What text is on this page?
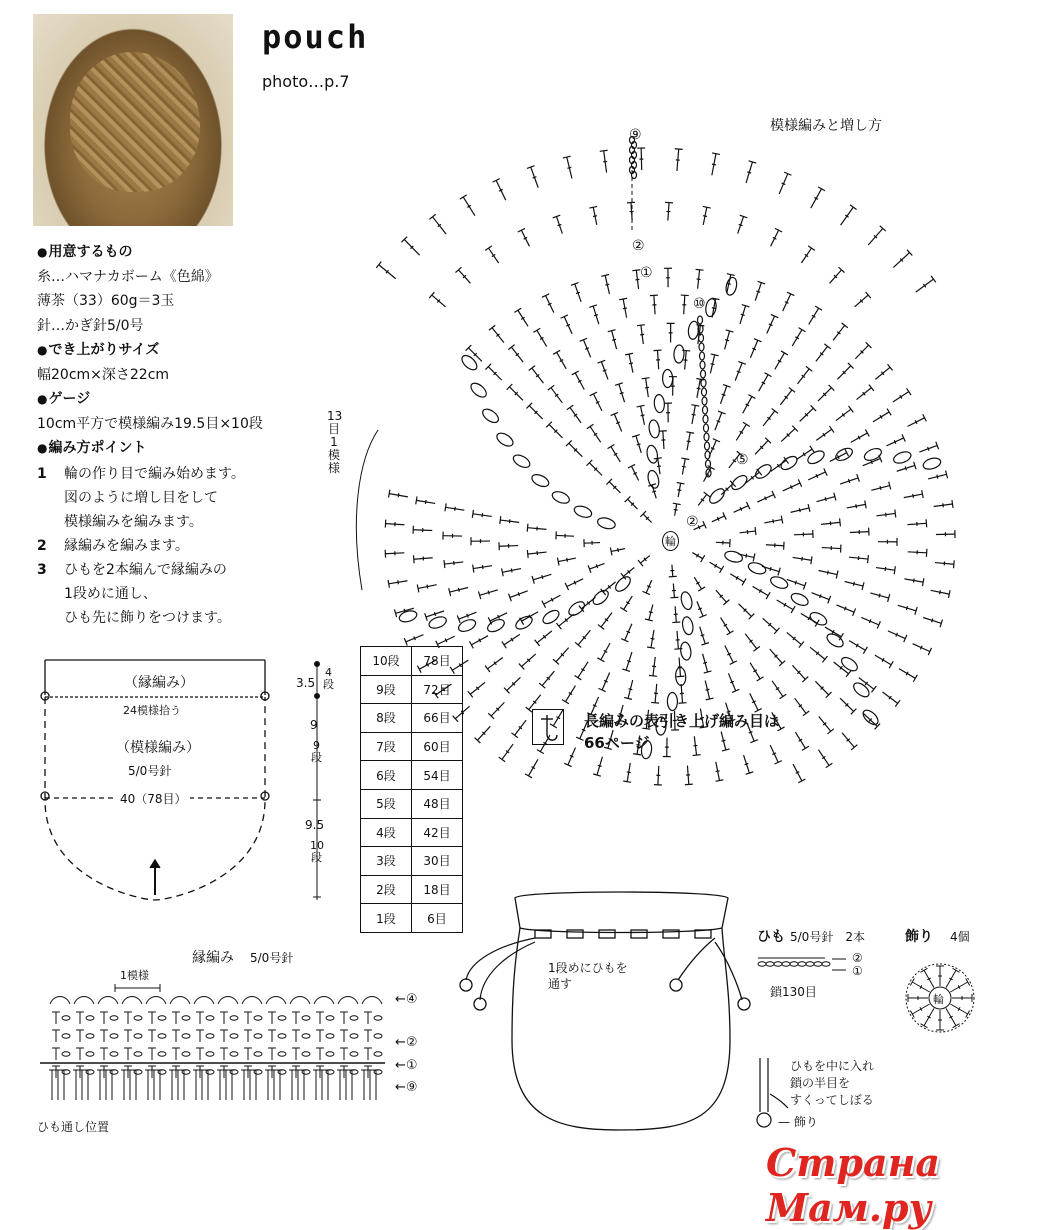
pouch
photo…p.7
● 用意するもの
糸…ハマナカボーム《色綿》
薄茶（33）60g＝3玉
針…かぎ針5/0号
● でき上がりサイズ
幅20cm×深さ22cm
● ゲージ
10cm平方で模様編み19.5目×10段
● 編み方ポイント
1 輪の作り目で編み始めます。
図のように増し目をして
模様編みを編みます。
2 縁編みを編みます。
3 ひもを2本編んで縁編みの
1段めに通し、
ひも先に飾りをつけます。
模様編みと増し方
13目1模様
⑨
②
①
⑩
⑤
②
輪
（縁編み）
24模様拾う
（模様編み）
5/0号針
40（78目）
3.5
4段
9
9段
9.5
10段
10段	78目
9段	72目
8段	66目
7段	60目
6段	54目
5段	48目
4段	42目
3段	30目
2段	18目
1段	6目
長編みの表引き上げ編み目は
66ページ
縁編み 5/0号針
1模様
←④
←②
←①
←⑨
ひも通し位置
1段めにひもを
通す
ひも 5/0号針　2本
②
①
鎖130目
飾り 4個
輪
ひもを中に入れ
鎖の半目を
すくってしぼる
— 飾り
Страна Мам.ру
